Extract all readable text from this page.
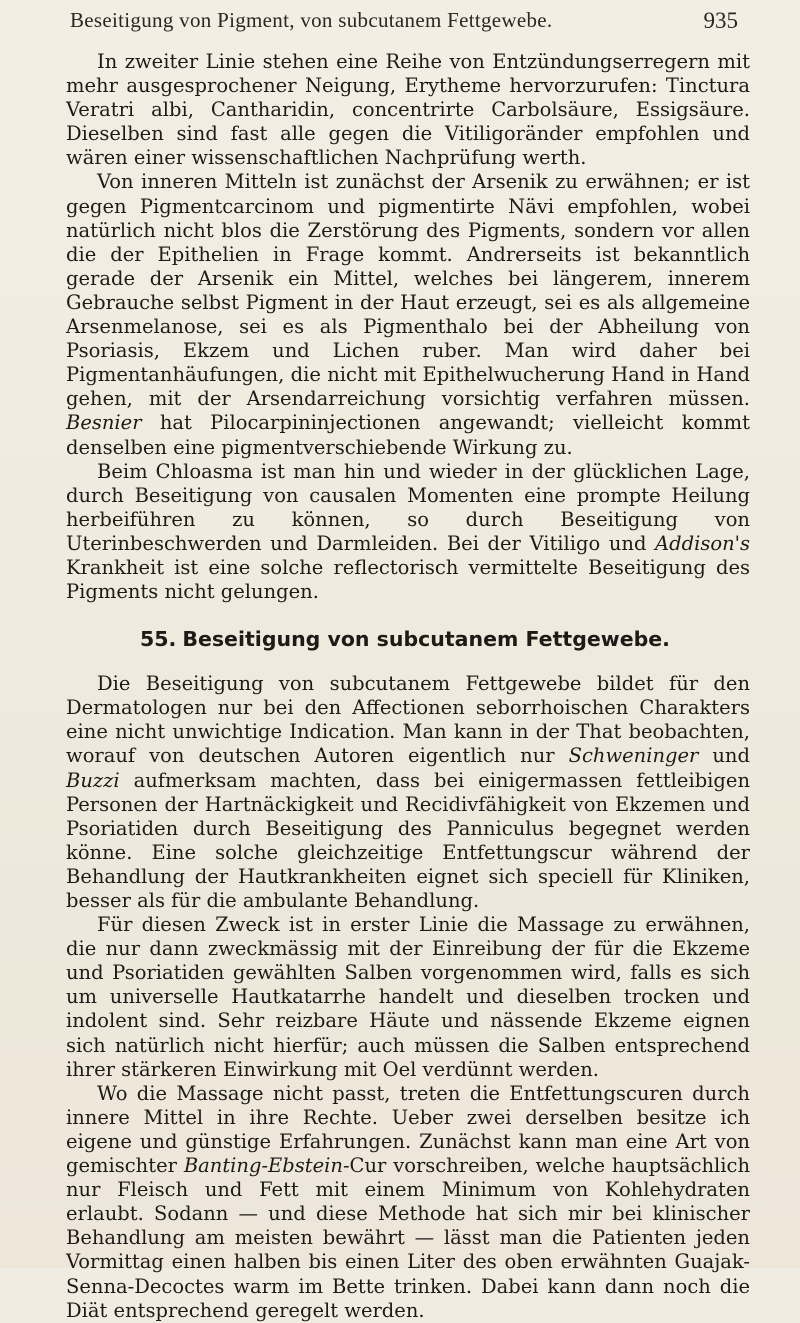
Beseitigung von Pigment, von subcutanem Fettgewebe.	935

In zweiter Linie stehen eine Reihe von Entzündungserregern mit mehr ausgesprochener Neigung, Erytheme hervorzurufen: Tinctura Veratri albi, Cantharidin, concentrirte Carbolsäure, Essigsäure. Dieselben sind fast alle gegen die Vitiligoränder empfohlen und wären einer wissenschaftlichen Nachprüfung werth.

Von inneren Mitteln ist zunächst der Arsenik zu erwähnen; er ist gegen Pigmentcarcinom und pigmentirte Nävi empfohlen, wobei natürlich nicht blos die Zerstörung des Pigments, sondern vor allen die der Epithelien in Frage kommt. Andrerseits ist bekanntlich gerade der Arsenik ein Mittel, welches bei längerem, innerem Gebrauche selbst Pigment in der Haut erzeugt, sei es als allgemeine Arsenmelanose, sei es als Pigmenthalo bei der Abheilung von Psoriasis, Ekzem und Lichen ruber. Man wird daher bei Pigmentanhäufungen, die nicht mit Epithelwucherung Hand in Hand gehen, mit der Arsendarreichung vorsichtig verfahren müssen. Besnier hat Pilocarpininjectionen angewandt; vielleicht kommt denselben eine pigmentverschiebende Wirkung zu.

Beim Chloasma ist man hin und wieder in der glücklichen Lage, durch Beseitigung von causalen Momenten eine prompte Heilung herbeiführen zu können, so durch Beseitigung von Uterinbeschwerden und Darmleiden. Bei der Vitiligo und Addison's Krankheit ist eine solche reflectorisch vermittelte Beseitigung des Pigments nicht gelungen.

55. Beseitigung von subcutanem Fettgewebe.

Die Beseitigung von subcutanem Fettgewebe bildet für den Dermatologen nur bei den Affectionen seborrhoischen Charakters eine nicht unwichtige Indication. Man kann in der That beobachten, worauf von deutschen Autoren eigentlich nur Schweninger und Buzzi aufmerksam machten, dass bei einigermassen fettleibigen Personen der Hartnäckigkeit und Recidivfähigkeit von Ekzemen und Psoriatiden durch Beseitigung des Panniculus begegnet werden könne. Eine solche gleichzeitige Entfettungscur während der Behandlung der Hautkrankheiten eignet sich speciell für Kliniken, besser als für die ambulante Behandlung.

Für diesen Zweck ist in erster Linie die Massage zu erwähnen, die nur dann zweckmässig mit der Einreibung der für die Ekzeme und Psoriatiden gewählten Salben vorgenommen wird, falls es sich um universelle Hautkatarrhe handelt und dieselben trocken und indolent sind. Sehr reizbare Häute und nässende Ekzeme eignen sich natürlich nicht hierfür; auch müssen die Salben entsprechend ihrer stärkeren Einwirkung mit Oel verdünnt werden.

Wo die Massage nicht passt, treten die Entfettungscuren durch innere Mittel in ihre Rechte. Ueber zwei derselben besitze ich eigene und günstige Erfahrungen. Zunächst kann man eine Art von gemischter Banting-Ebstein-Cur vorschreiben, welche hauptsächlich nur Fleisch und Fett mit einem Minimum von Kohlehydraten erlaubt. Sodann — und diese Methode hat sich mir bei klinischer Behandlung am meisten bewährt — lässt man die Patienten jeden Vormittag einen halben bis einen Liter des oben erwähnten Guajak-Senna-Decoctes warm im Bette trinken. Dabei kann dann noch die Diät entsprechend geregelt werden.
